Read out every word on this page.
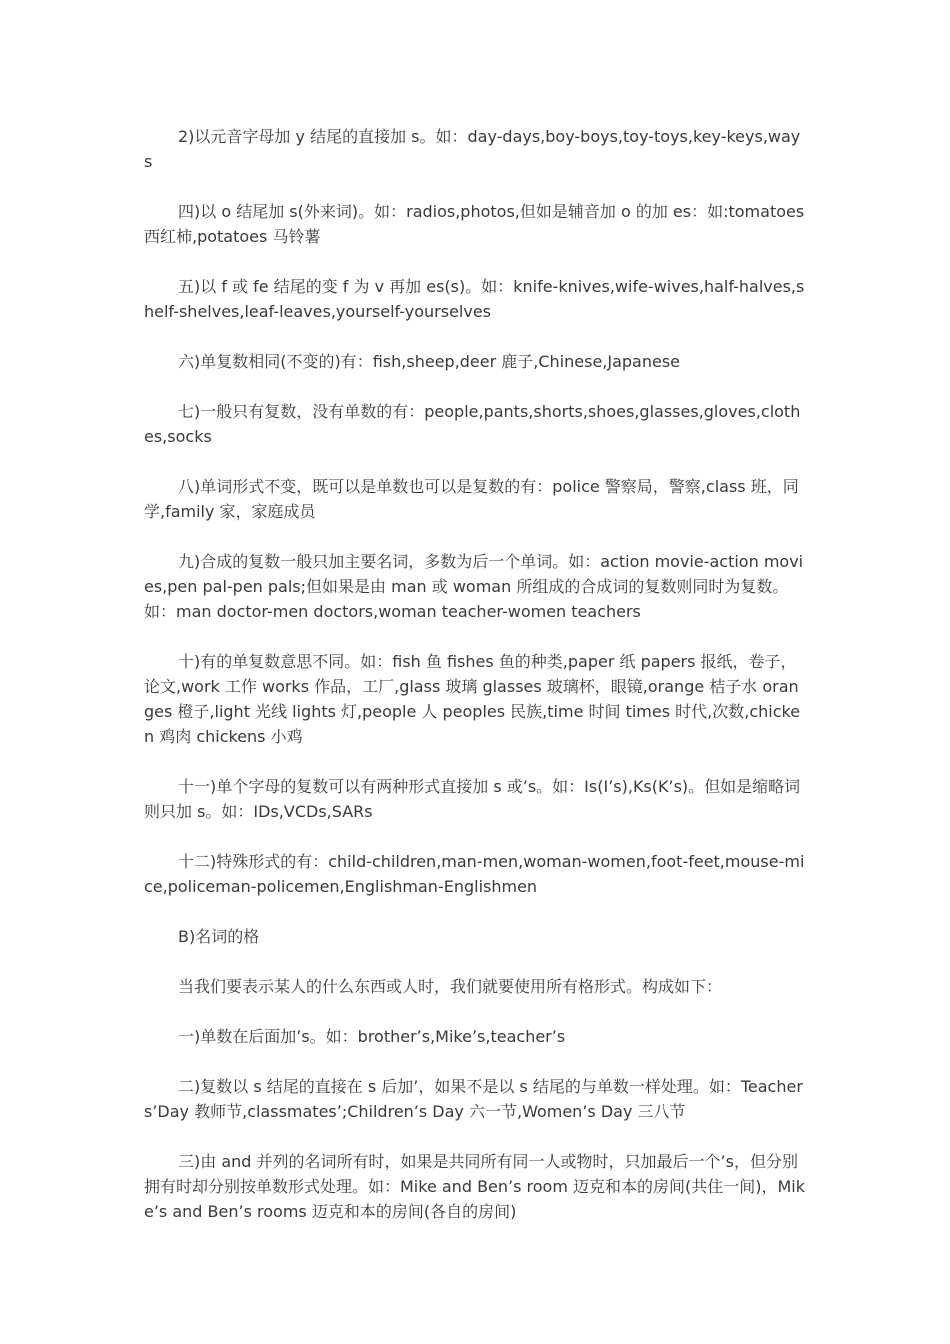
2)以元音字母加 y 结尾的直接加 s。如：day-days,boy-boys,toy-toys,key-keys,ways

四)以 o 结尾加 s(外来词)。如：radios,photos,但如是辅音加 o 的加 es：如:tomatoes 西红柿,potatoes 马铃薯

五)以 f 或 fe 结尾的变 f 为 v 再加 es(s)。如：knife-knives,wife-wives,half-halves,shelf-shelves,leaf-leaves,yourself-yourselves

六)单复数相同(不变的)有：fish,sheep,deer 鹿子,Chinese,Japanese

七)一般只有复数，没有单数的有：people,pants,shorts,shoes,glasses,gloves,clothes,socks

八)单词形式不变，既可以是单数也可以是复数的有：police 警察局，警察,class 班，同学,family 家，家庭成员

九)合成的复数一般只加主要名词，多数为后一个单词。如：action movie-action movies,pen pal-pen pals;但如果是由 man 或 woman 所组成的合成词的复数则同时为复数。如：man doctor-men doctors,woman teacher-women teachers

十)有的单复数意思不同。如：fish 鱼 fishes 鱼的种类,paper 纸 papers 报纸，卷子，论文,work 工作 works 作品，工厂,glass 玻璃 glasses 玻璃杯，眼镜,orange 桔子水 oranges 橙子,light 光线 lights 灯,people 人 peoples 民族,time 时间 times 时代,次数,chicken 鸡肉 chickens 小鸡

十一)单个字母的复数可以有两种形式直接加 s 或’s。如：Is(I’s),Ks(K’s)。但如是缩略词则只加 s。如：IDs,VCDs,SARs

十二)特殊形式的有：child-children,man-men,woman-women,foot-feet,mouse-mice,policeman-policemen,Englishman-Englishmen

B)名词的格

当我们要表示某人的什么东西或人时，我们就要使用所有格形式。构成如下：

一)单数在后面加’s。如：brother’s,Mike’s,teacher’s

二)复数以 s 结尾的直接在 s 后加’，如果不是以 s 结尾的与单数一样处理。如：Teachers’Day 教师节,classmates’;Children’s Day 六一节,Women’s Day 三八节

三)由 and 并列的名词所有时，如果是共同所有同一人或物时，只加最后一个’s，但分别拥有时却分别按单数形式处理。如：Mike and Ben’s room 迈克和本的房间(共住一间)，Mike’s and Ben’s rooms 迈克和本的房间(各自的房间)
